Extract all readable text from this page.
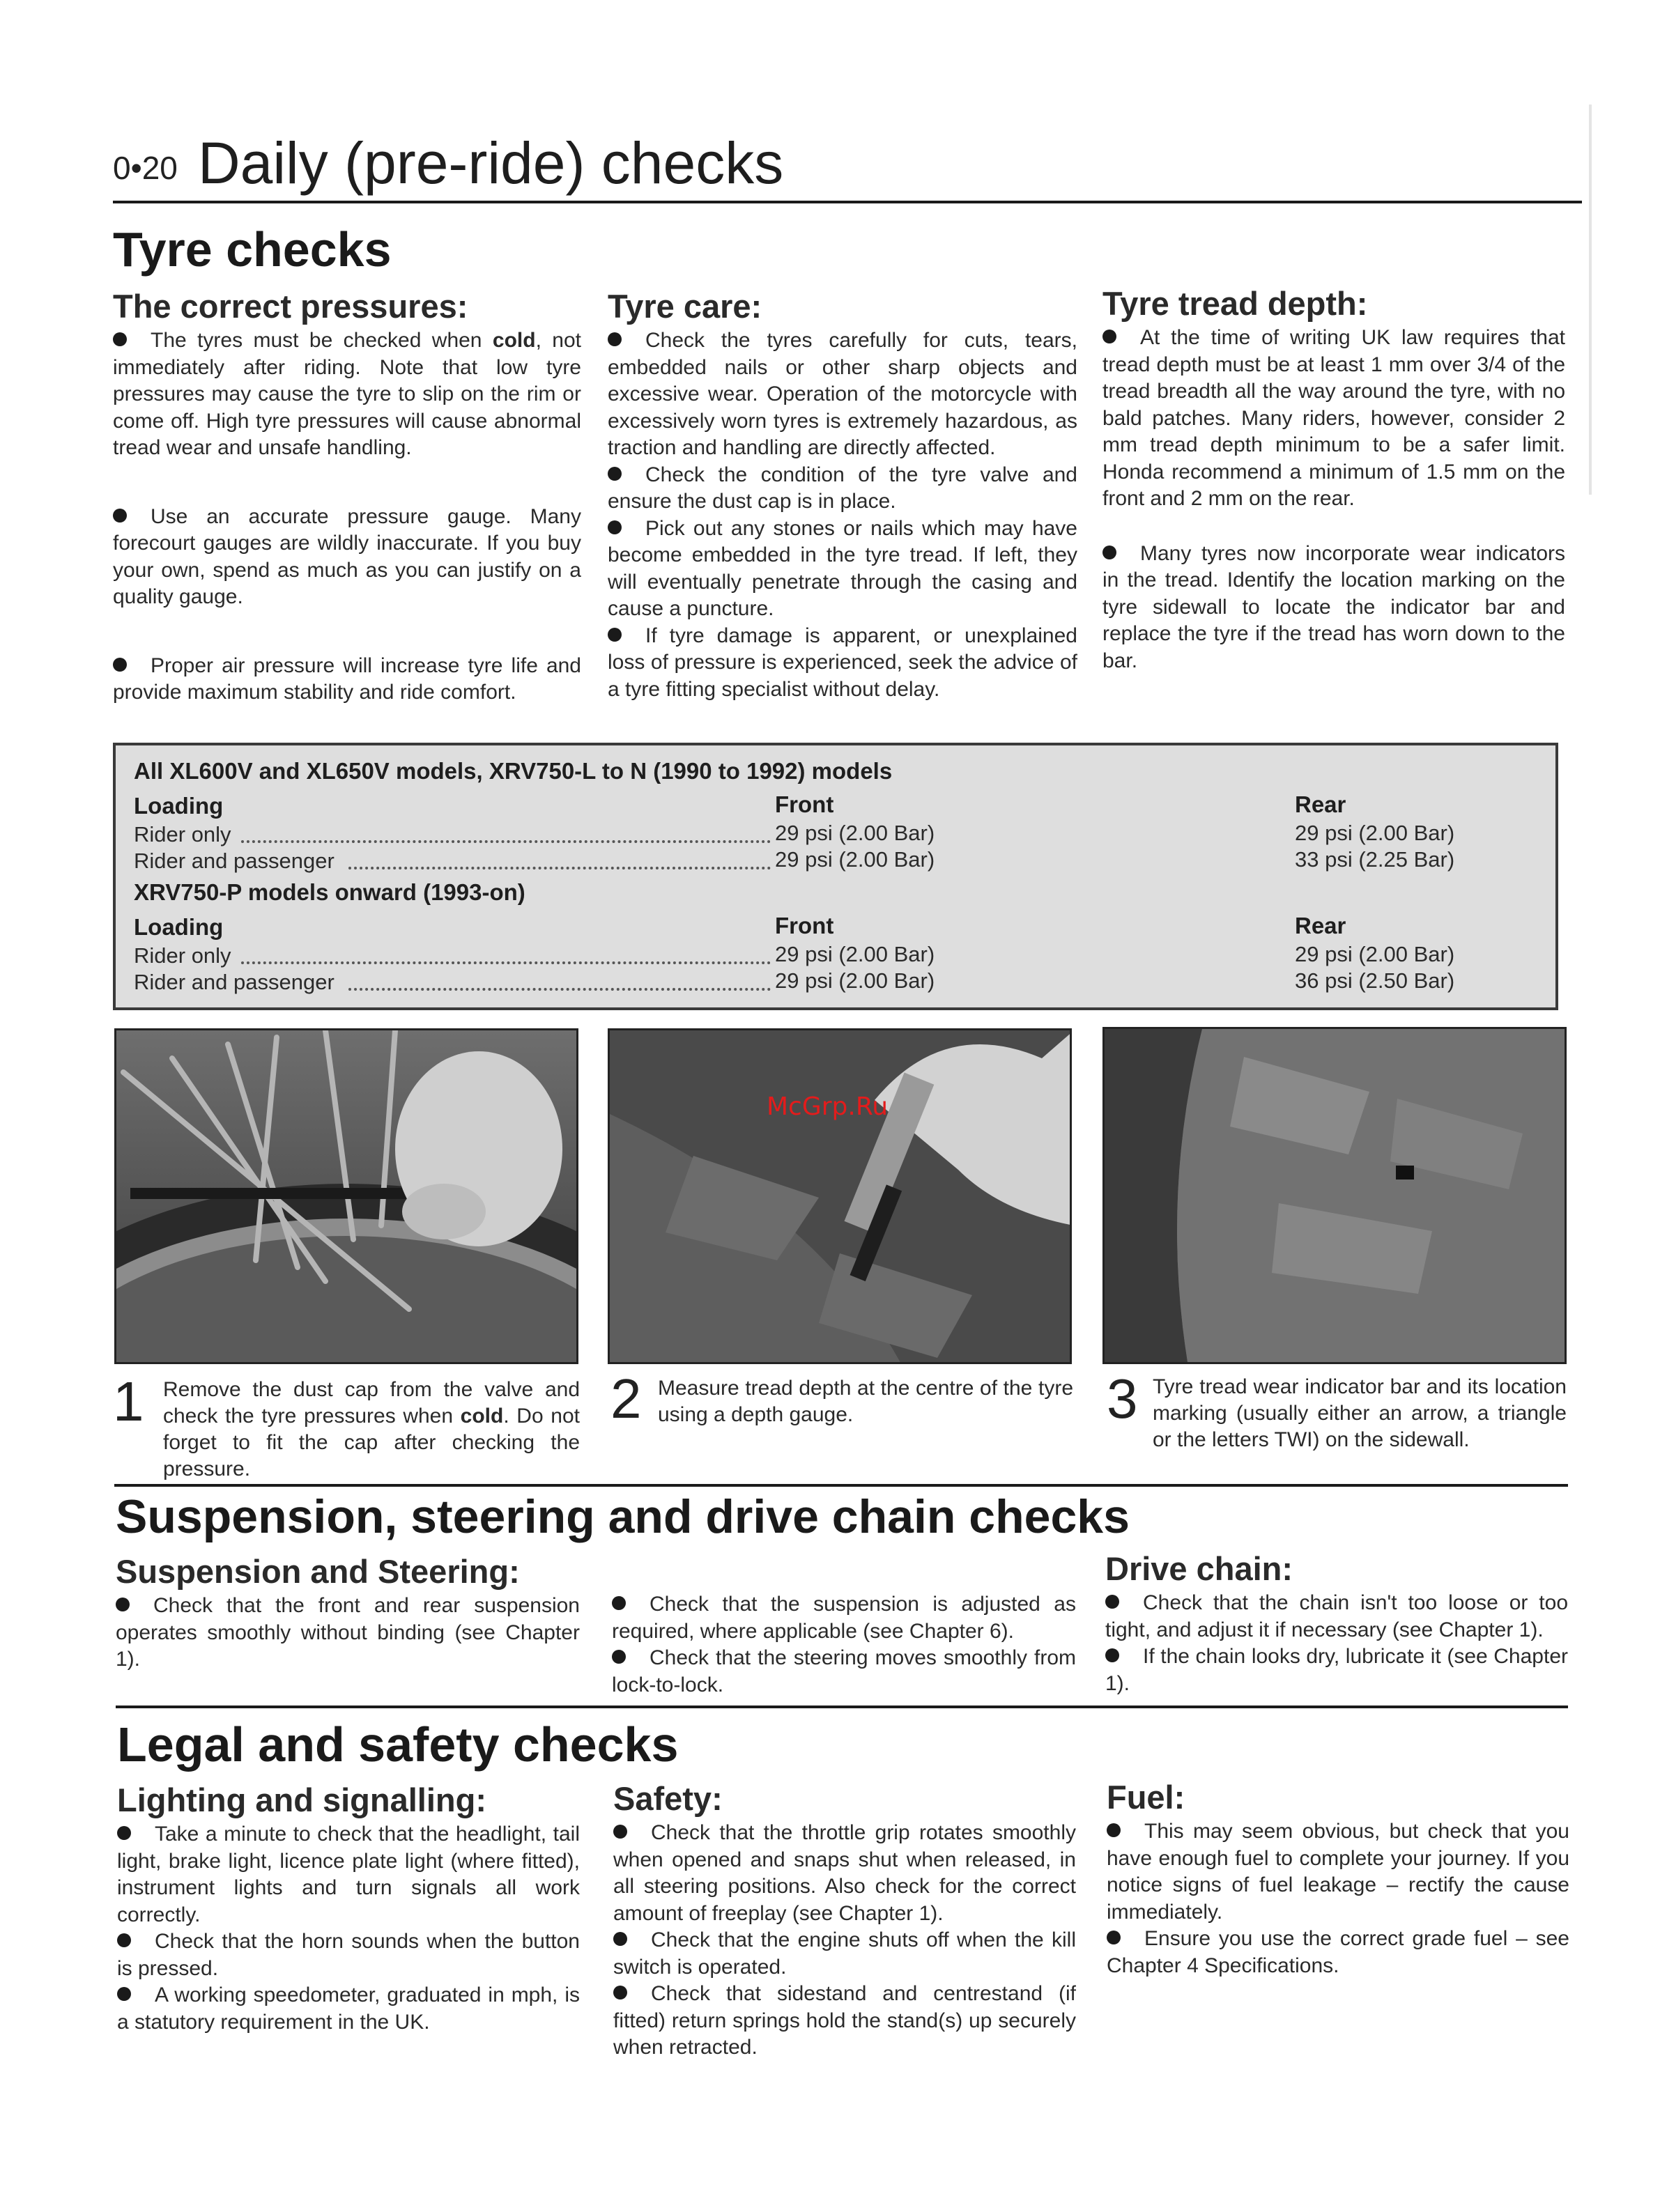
0•20 Daily (pre-ride) checks
Tyre checks
The correct pressures:

The tyres must be checked when cold, not immediately after riding. Note that low tyre pressures may cause the tyre to slip on the rim or come off. High tyre pressures will cause abnormal tread wear and unsafe handling.

Use an accurate pressure gauge. Many forecourt gauges are wildly inaccurate. If you buy your own, spend as much as you can justify on a quality gauge.

Proper air pressure will increase tyre life and provide maximum stability and ride comfort.

Tyre care:

Check the tyres carefully for cuts, tears, embedded nails or other sharp objects and excessive wear. Operation of the motorcycle with excessively worn tyres is extremely hazardous, as traction and handling are directly affected.

Check the condition of the tyre valve and ensure the dust cap is in place.

Pick out any stones or nails which may have become embedded in the tyre tread. If left, they will eventually penetrate through the casing and cause a puncture.

If tyre damage is apparent, or unexplained loss of pressure is experienced, seek the advice of a tyre fitting specialist without delay.

Tyre tread depth:

At the time of writing UK law requires that tread depth must be at least 1 mm over 3/4 of the tread breadth all the way around the tyre, with no bald patches. Many riders, however, consider 2 mm tread depth minimum to be a safer limit. Honda recommend a minimum of 1.5 mm on the front and 2 mm on the rear.

Many tyres now incorporate wear indicators in the tread. Identify the location marking on the tyre sidewall to locate the indicator bar and replace the tyre if the tread has worn down to the bar.

All XL600V and XL650V models, XRV750-L to N (1990 to 1992) models
Loading	Front	Rear
Rider only	29 psi (2.00 Bar)	29 psi (2.00 Bar)
Rider and passenger	29 psi (2.00 Bar)	33 psi (2.25 Bar)
XRV750-P models onward (1993-on)
Loading	Front	Rear
Rider only	29 psi (2.00 Bar)	29 psi (2.00 Bar)
Rider and passenger	29 psi (2.00 Bar)	36 psi (2.50 Bar)
McGrp.Ru
1 Remove the dust cap from the valve and check the tyre pressures when cold. Do not forget to fit the cap after checking the pressure.
2 Measure tread depth at the centre of the tyre using a depth gauge.	3 Tyre tread wear indicator bar and its location marking (usually either an arrow, a triangle or the letters TWI) on the sidewall.
Suspension, steering and drive chain checks
Suspension and Steering:

Check that the front and rear suspension operates smoothly without binding (see Chapter 1).

Check that the suspension is adjusted as required, where applicable (see Chapter 6).

Check that the steering moves smoothly from lock-to-lock.

Drive chain:

Check that the chain isn't too loose or too tight, and adjust it if necessary (see Chapter 1).

If the chain looks dry, lubricate it (see Chapter 1).

Legal and safety checks
Lighting and signalling:

Take a minute to check that the headlight, tail light, brake light, licence plate light (where fitted), instrument lights and turn signals all work correctly.

Check that the horn sounds when the button is pressed.

A working speedometer, graduated in mph, is a statutory requirement in the UK.

Safety:

Check that the throttle grip rotates smoothly when opened and snaps shut when released, in all steering positions. Also check for the correct amount of freeplay (see Chapter 1).

Check that the engine shuts off when the kill switch is operated.

Check that sidestand and centrestand (if fitted) return springs hold the stand(s) up securely when retracted.

Fuel:

This may seem obvious, but check that you have enough fuel to complete your journey. If you notice signs of fuel leakage – rectify the cause immediately.

Ensure you use the correct grade fuel – see Chapter 4 Specifications.
